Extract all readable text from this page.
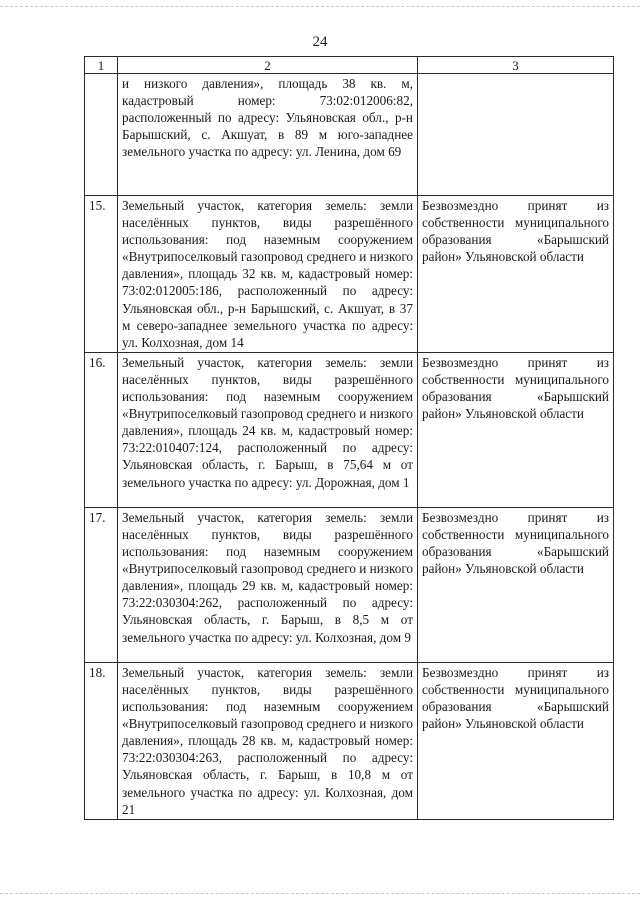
24
1	2	3
	и низкого давления», площадь 38 кв. м, кадастровый номер: 73:02:012006:82, расположенный по адресу: Ульяновская обл., р-н Барышский, с. Акшуат, в 89 м юго-западнее земельного участка по адресу: ул. Ленина, дом 69	
15.	Земельный участок, категория земель: земли населённых пунктов, виды разрешённого использования: под наземным сооружением «Внутрипоселковый газопровод среднего и низкого давления», площадь 32 кв. м, кадастровый номер: 73:02:012005:186, расположенный по адресу: Ульяновская обл., р-н Барышский, с. Акшуат, в 37 м северо-западнее земельного участка по адресу: ул. Колхозная, дом 14	Безвозмездно принят из собственности муниципального образования «Барышский район» Ульяновской области
16.	Земельный участок, категория земель: земли населённых пунктов, виды разрешённого использования: под наземным сооружением «Внутрипоселковый газопровод среднего и низкого давления», площадь 24 кв. м, кадастровый номер: 73:22:010407:124, расположенный по адресу: Ульяновская область, г. Барыш, в 75,64 м от земельного участка по адресу: ул. Дорожная, дом 1	Безвозмездно принят из собственности муниципального образования «Барышский район» Ульяновской области
17.	Земельный участок, категория земель: земли населённых пунктов, виды разрешённого использования: под наземным сооружением «Внутрипоселковый газопровод среднего и низкого давления», площадь 29 кв. м, кадастровый номер: 73:22:030304:262, расположенный по адресу: Ульяновская область, г. Барыш, в 8,5 м от земельного участка по адресу: ул. Колхозная, дом 9	Безвозмездно принят из собственности муниципального образования «Барышский район» Ульяновской области
18.	Земельный участок, категория земель: земли населённых пунктов, виды разрешённого использования: под наземным сооружением «Внутрипоселковый газопровод среднего и низкого давления», площадь 28 кв. м, кадастровый номер: 73:22:030304:263, расположенный по адресу: Ульяновская область, г. Барыш, в 10,8 м от земельного участка по адресу: ул. Колхозная, дом 21	Безвозмездно принят из собственности муниципального образования «Барышский район» Ульяновской области
